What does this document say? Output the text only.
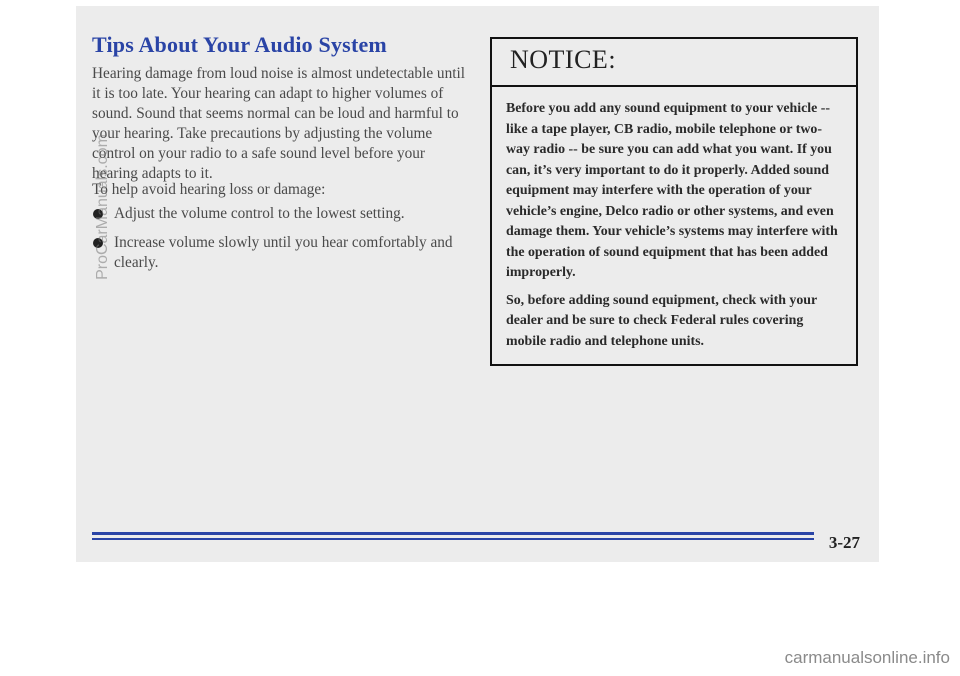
Tips About Your Audio System

Hearing damage from loud noise is almost undetectable until it is too late. Your hearing can adapt to higher volumes of sound. Sound that seems normal can be loud and harmful to your hearing. Take precautions by adjusting the volume control on your radio to a safe sound level before your hearing adapts to it.

To help avoid hearing loss or damage:

Adjust the volume control to the lowest setting.
Increase volume slowly until you hear comfortably and clearly.
NOTICE:

Before you add any sound equipment to your vehicle -- like a tape player, CB radio, mobile telephone or two-way radio -- be sure you can add what you want. If you can, it’s very important to do it properly. Added sound equipment may interfere with the operation of your vehicle’s engine, Delco radio or other systems, and even damage them. Your vehicle’s systems may interfere with the operation of sound equipment that has been added improperly.

So, before adding sound equipment, check with your dealer and be sure to check Federal rules covering mobile radio and telephone units.

3-27

ProCarManuals.com

carmanualsonline.info
